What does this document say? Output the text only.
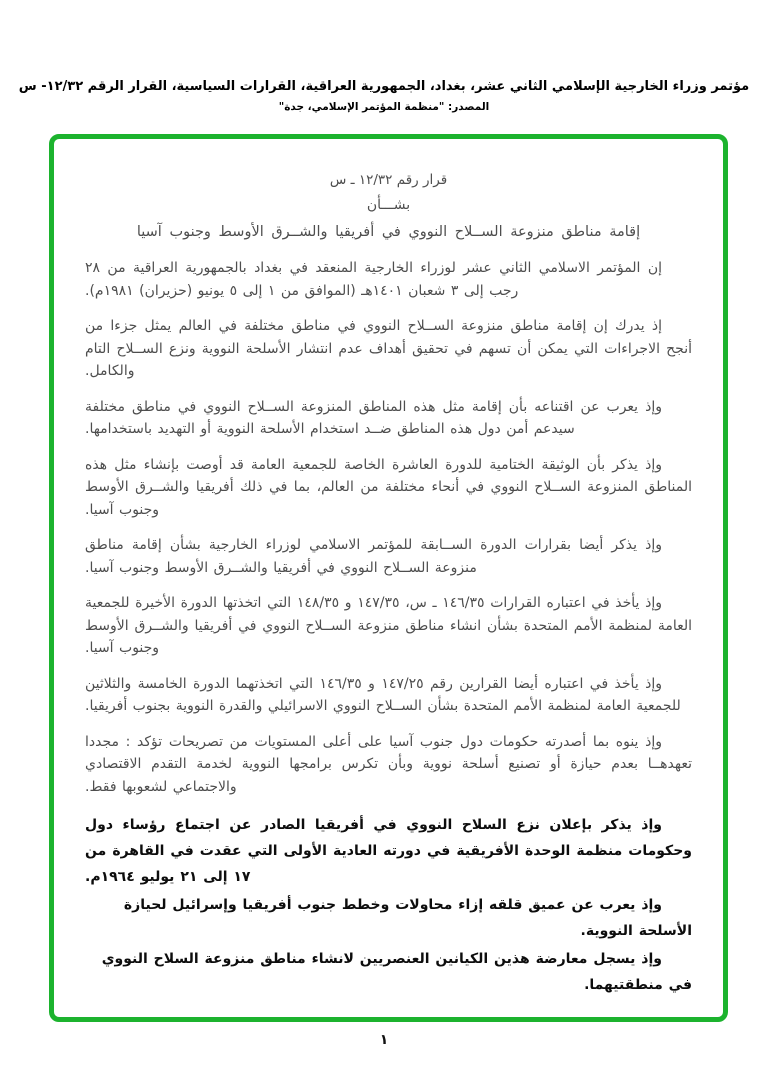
مؤتمر وزراء الخارجية الإسلامي الثاني عشر، بغداد، الجمهورية العراقية، القرارات السياسية، القرار الرقم ١٢/٣٢- س
المصدر: "منظمة المؤتمر الإسلامي، جدة"
قرار رقم ١٢/٣٢ ـ س
بشـــأن
إقامة مناطق منزوعة الســلاح النووي في أفريقيا والشــرق الأوسط وجنوب آسيا

إن المؤتمر الاسلامي الثاني عشر لوزراء الخارجية المنعقد في بغداد بالجمهورية العراقية من ٢٨ رجب إلى ٣ شعبان ١٤٠١هـ (الموافق من ١ إلى ٥ يونيو (حزيران) ١٩٨١م).

إذ يدرك إن إقامة مناطق منزوعة الســلاح النووي في مناطق مختلفة في العالم يمثل جزءا من أنجح الاجراءات التي يمكن أن تسهم في تحقيق أهداف عدم انتشار الأسلحة النووية ونزع الســلاح التام والكامل.

وإذ يعرب عن اقتناعه بأن إقامة مثل هذه المناطق المنزوعة الســلاح النووي في مناطق مختلفة سيدعم أمن دول هذه المناطق ضــد استخدام الأسلحة النووية أو التهديد باستخدامها.

وإذ يذكر بأن الوثيقة الختامية للدورة العاشرة الخاصة للجمعية العامة قد أوصت بإنشاء مثل هذه المناطق المنزوعة الســلاح النووي في أنحاء مختلفة من العالم، بما في ذلك أفريقيا والشــرق الأوسط وجنوب آسيا.

وإذ يذكر أيضا بقرارات الدورة الســابقة للمؤتمر الاسلامي لوزراء الخارجية بشأن إقامة مناطق منزوعة الســلاح النووي في أفريقيا والشــرق الأوسط وجنوب آسيا.

وإذ يأخذ في اعتباره القرارات ١٤٦/٣٥ ـ س، ١٤٧/٣٥ و ١٤٨/٣٥ التي اتخذتها الدورة الأخيرة للجمعية العامة لمنظمة الأمم المتحدة بشأن انشاء مناطق منزوعة الســلاح النووي في أفريقيا والشــرق الأوسط وجنوب آسيا.

وإذ يأخذ في اعتباره أيضا القرارين رقم ١٤٧/٢٥ و ١٤٦/٣٥ التي اتخذتهما الدورة الخامسة والثلاثين للجمعية العامة لمنظمة الأمم المتحدة بشأن الســلاح النووي الاسرائيلي والقدرة النووية بجنوب أفريقيا.

وإذ ينوه بما أصدرته حكومات دول جنوب آسيا على أعلى المستويات من تصريحات تؤكد : مجددا تعهدهــا بعدم حيازة أو تصنيع أسلحة نووية وبأن تكرس برامجها النووية لخدمة التقدم الاقتصادي والاجتماعي لشعوبها فقط.

وإذ يذكر بإعلان نزع السلاح النووي في أفريقيا الصادر عن اجتماع رؤساء دول وحكومات منظمة الوحدة الأفريقية في دورته العادية الأولى التي عقدت في القاهرة من ١٧ إلى ٢١ يوليو ١٩٦٤م.

وإذ يعرب عن عميق قلقه إزاء محاولات وخطط جنوب أفريقيا وإسرائيل لحيازة الأسلحة النووية.

وإذ يسجل معارضة هذين الكيانين العنصريين لانشاء مناطق منزوعة السلاح النووي في منطقتيهما.

١
